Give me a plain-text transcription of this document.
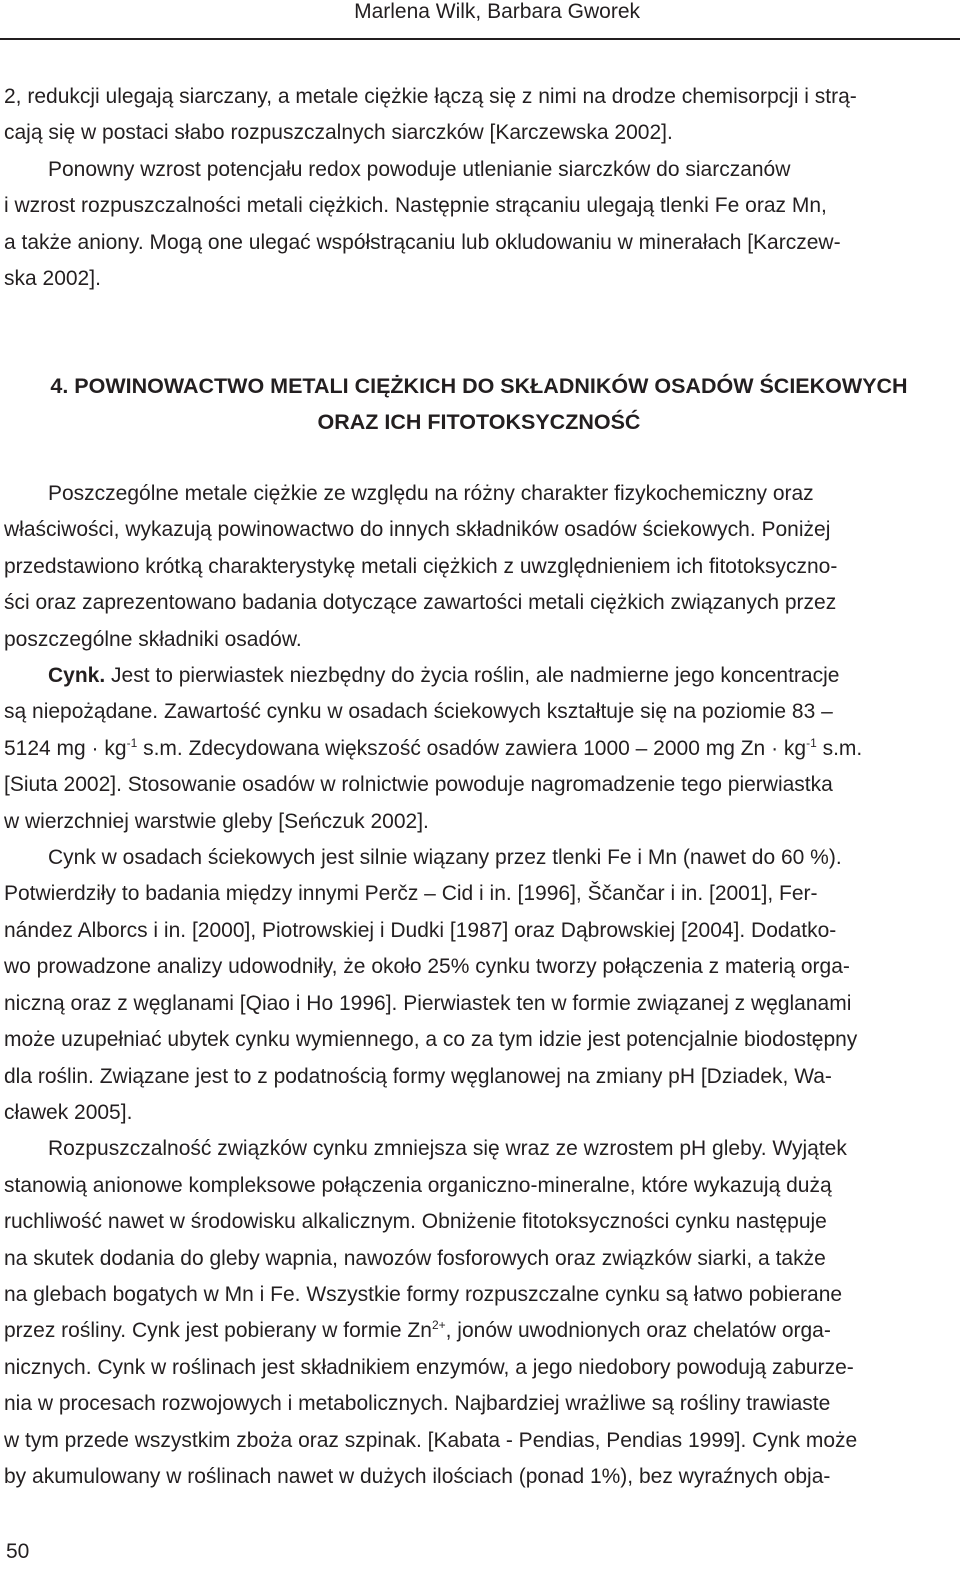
Marlena Wilk, Barbara Gworek

2, redukcji ulegają siarczany, a metale ciężkie łączą się z nimi na drodze chemisorpcji i strą-

cają się w postaci słabo rozpuszczalnych siarczków [Karczewska 2002].

Ponowny wzrost potencjału redox powoduje utlenianie siarczków do siarczanów

i wzrost rozpuszczalności metali ciężkich. Następnie strącaniu ulegają tlenki Fe oraz Mn,

a także aniony. Mogą one ulegać współstrącaniu lub okludowaniu w minerałach [Karczew-

ska 2002].

4. POWINOWACTWO METALI CIĘŻKICH DO SKŁADNIKÓW OSADÓW ŚCIEKOWYCH
ORAZ ICH FITOTOKSYCZNOŚĆ

Poszczególne metale ciężkie ze względu na różny charakter fizykochemiczny oraz

właściwości, wykazują powinowactwo do innych składników osadów ściekowych. Poniżej

przedstawiono krótką charakterystykę metali ciężkich z uwzględnieniem ich fitotoksyczno-

ści oraz zaprezentowano badania dotyczące zawartości metali ciężkich związanych przez

poszczególne składniki osadów.

Cynk. Jest to pierwiastek niezbędny do życia roślin, ale nadmierne jego koncentracje

są niepożądane. Zawartość cynku w osadach ściekowych kształtuje się na poziomie 83 –

5124 mg · $kg^{-1}$ s.m. Zdecydowana większość osadów zawiera 1000 – 2000 mg $Zn \cdot kg^{-1}$ s.m.

[Siuta 2002]. Stosowanie osadów w rolnictwie powoduje nagromadzenie tego pierwiastka

w wierzchniej warstwie gleby [Seńczuk 2002].

Cynk w osadach ściekowych jest silnie wiązany przez tlenki Fe i Mn (nawet do 60 %).

Potwierdziły to badania między innymi Perčz – Cid i in. [1996], Ščančar i in. [2001], Fer-

nández Alborcs i in. [2000], Piotrowskiej i Dudki [1987] oraz Dąbrowskiej [2004]. Dodatko-

wo prowadzone analizy udowodniły, że około 25% cynku tworzy połączenia z materią orga-

niczną oraz z węglanami [Qiao i Ho 1996]. Pierwiastek ten w formie związanej z węglanami

może uzupełniać ubytek cynku wymiennego, a co za tym idzie jest potencjalnie biodostępny

dla roślin. Związane jest to z podatnością formy węglanowej na zmiany pH [Dziadek, Wa-

cławek 2005].

Rozpuszczalność związków cynku zmniejsza się wraz ze wzrostem pH gleby. Wyjątek

stanowią anionowe kompleksowe połączenia organiczno-mineralne, które wykazują dużą

ruchliwość nawet w środowisku alkalicznym. Obniżenie fitotoksyczności cynku następuje

na skutek dodania do gleby wapnia, nawozów fosforowych oraz związków siarki, a także

na glebach bogatych w Mn i Fe. Wszystkie formy rozpuszczalne cynku są łatwo pobierane

przez rośliny. Cynk jest pobierany w formie $Zn^{2+}$, jonów uwodnionych oraz chelatów orga-

nicznych. Cynk w roślinach jest składnikiem enzymów, a jego niedobory powodują zaburze-

nia w procesach rozwojowych i metabolicznych. Najbardziej wrażliwe są rośliny trawiaste

w tym przede wszystkim zboża oraz szpinak. [Kabata - Pendias, Pendias 1999]. Cynk może

by akumulowany w roślinach nawet w dużych ilościach (ponad 1%), bez wyraźnych obja-

50
